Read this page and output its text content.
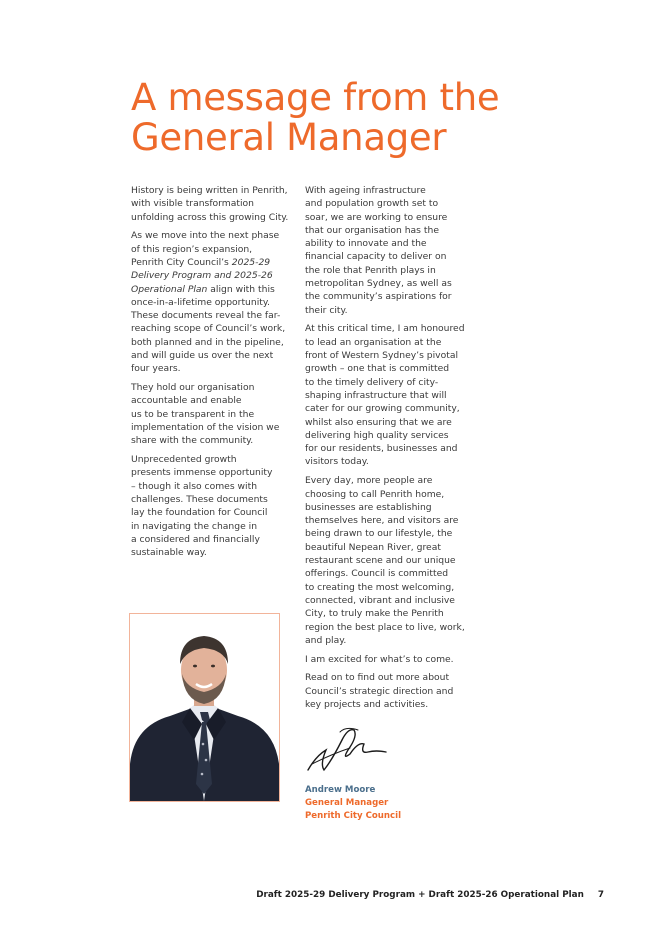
A message from the
General Manager

History is being written in Penrith,
with visible transformation
unfolding across this growing City.

As we move into the next phase
of this region’s expansion,
Penrith City Council’s 2025-29
Delivery Program and 2025-26
Operational Plan align with this
once-in-a-lifetime opportunity.
These documents reveal the far-
reaching scope of Council’s work,
both planned and in the pipeline,
and will guide us over the next
four years.

They hold our organisation
accountable and enable
us to be transparent in the
implementation of the vision we
share with the community.

Unprecedented growth
presents immense opportunity
– though it also comes with
challenges. These documents
lay the foundation for Council
in navigating the change in
a considered and financially
sustainable way.

With ageing infrastructure
and population growth set to
soar, we are working to ensure
that our organisation has the
ability to innovate and the
financial capacity to deliver on
the role that Penrith plays in
metropolitan Sydney, as well as
the community’s aspirations for
their city.

At this critical time, I am honoured
to lead an organisation at the
front of Western Sydney’s pivotal
growth – one that is committed
to the timely delivery of city-
shaping infrastructure that will
cater for our growing community,
whilst also ensuring that we are
delivering high quality services
for our residents, businesses and
visitors today.

Every day, more people are
choosing to call Penrith home,
businesses are establishing
themselves here, and visitors are
being drawn to our lifestyle, the
beautiful Nepean River, great
restaurant scene and our unique
offerings. Council is committed
to creating the most welcoming,
connected, vibrant and inclusive
City, to truly make the Penrith
region the best place to live, work,
and play.

I am excited for what’s to come.

Read on to find out more about
Council’s strategic direction and
key projects and activities.

Andrew Moore
General Manager
Penrith City Council
Draft 2025-29 Delivery Program + Draft 2025-26 Operational Plan 7
